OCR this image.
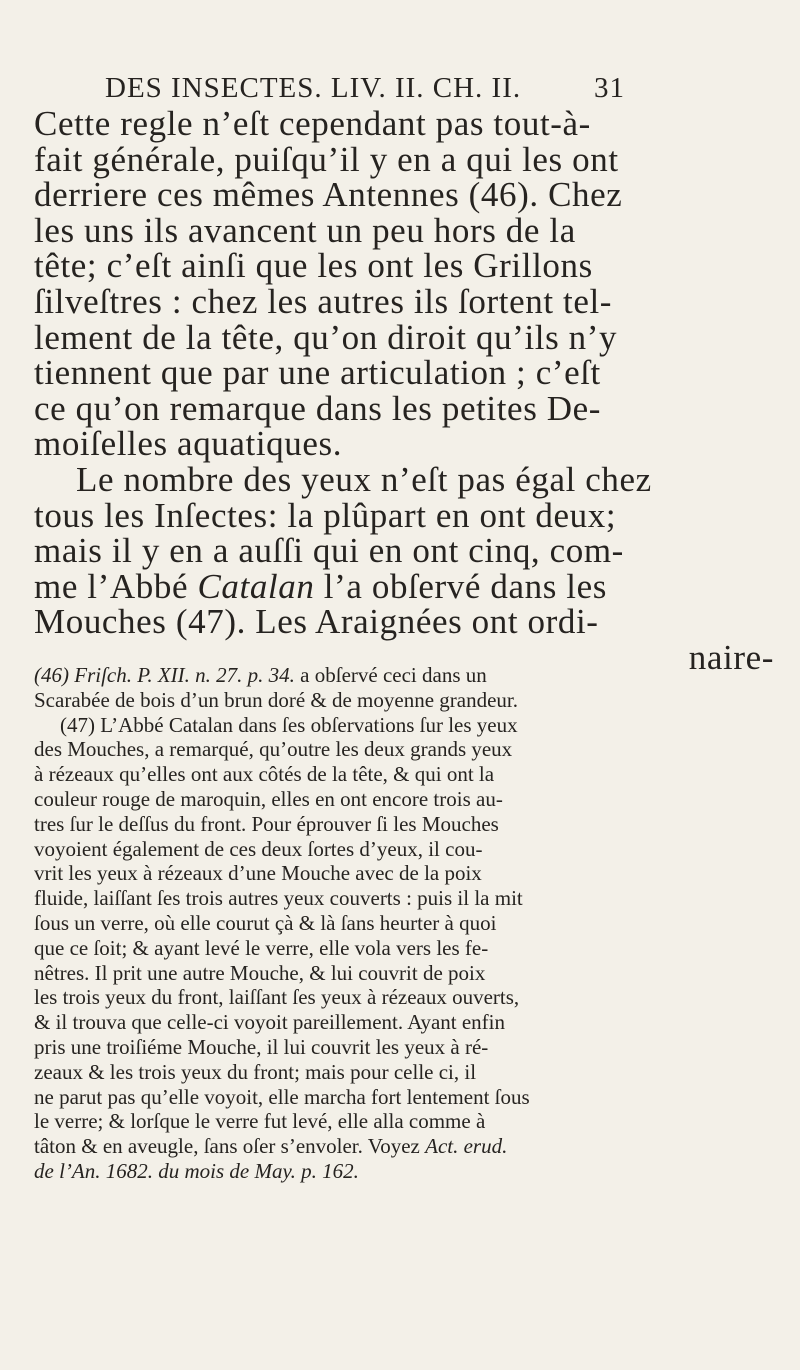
DES INSECTES. LIV. II. CH. II.	31
Cette regle n’eſt cependant pas tout-à-
fait générale, puiſqu’il y en a qui les ont
derriere ces mêmes Antennes (46). Chez
les uns ils avancent un peu hors de la
tête; c’eſt ainſi que les ont les Grillons
ſilveſtres : chez les autres ils ſortent tel-
lement de la tête, qu’on diroit qu’ils n’y
tiennent que par une articulation ; c’eſt
ce qu’on remarque dans les petites De-
moiſelles aquatiques.
Le nombre des yeux n’eſt pas égal chez
tous les Inſectes: la plûpart en ont deux;
mais il y en a auſſi qui en ont cinq, com-
me l’Abbé Catalan l’a obſervé dans les
Mouches (47). Les Araignées ont ordi-
naire-
(46) Friſch. P. XII. n. 27. p. 34. a obſervé ceci dans un
Scarabée de bois d’un brun doré & de moyenne grandeur.
(47) L’Abbé Catalan dans ſes obſervations ſur les yeux
des Mouches, a remarqué, qu’outre les deux grands yeux
à rézeaux qu’elles ont aux côtés de la tête, & qui ont la
couleur rouge de maroquin, elles en ont encore trois au-
tres ſur le deſſus du front. Pour éprouver ſi les Mouches
voyoient également de ces deux ſortes d’yeux, il cou-
vrit les yeux à rézeaux d’une Mouche avec de la poix
fluide, laiſſant ſes trois autres yeux couverts : puis il la mit
ſous un verre, où elle courut çà & là ſans heurter à quoi
que ce ſoit; & ayant levé le verre, elle vola vers les fe-
nêtres. Il prit une autre Mouche, & lui couvrit de poix
les trois yeux du front, laiſſant ſes yeux à rézeaux ouverts,
& il trouva que celle-ci voyoit pareillement. Ayant enfin
pris une troiſiéme Mouche, il lui couvrit les yeux à ré-
zeaux & les trois yeux du front; mais pour celle ci, il
ne parut pas qu’elle voyoit, elle marcha fort lentement ſous
le verre; & lorſque le verre fut levé, elle alla comme à
tâton & en aveugle, ſans oſer s’envoler. Voyez Act. erud.
de l’An. 1682. du mois de May. p. 162.
